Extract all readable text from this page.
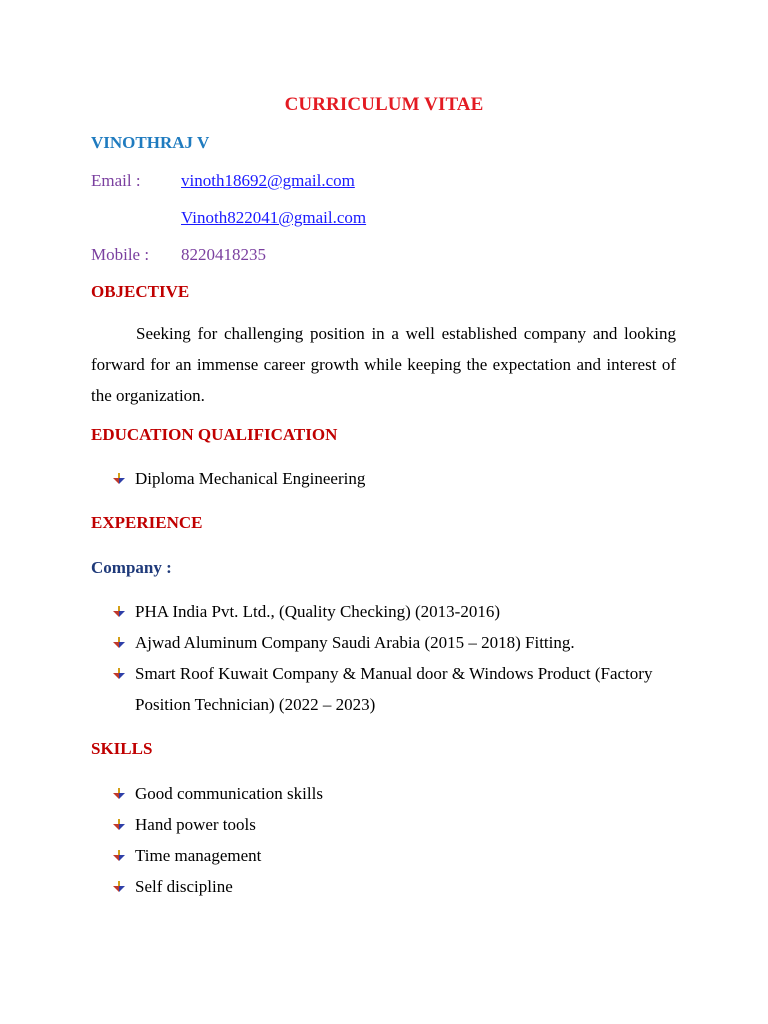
CURRICULUM VITAE
VINOTHRAJ V
Email : vinoth18692@gmail.com
Vinoth822041@gmail.com
Mobile : 8220418235
OBJECTIVE
Seeking for challenging position in a well established company and looking forward for an immense career growth while keeping the expectation and interest of the organization.
EDUCATION QUALIFICATION
Diploma Mechanical Engineering
EXPERIENCE
Company :
PHA India Pvt. Ltd., (Quality Checking) (2013-2016)
Ajwad Aluminum Company Saudi Arabia (2015 – 2018) Fitting.
Smart Roof Kuwait Company & Manual door & Windows Product (Factory Position Technician) (2022 – 2023)
SKILLS
Good communication skills
Hand power tools
Time management
Self discipline
